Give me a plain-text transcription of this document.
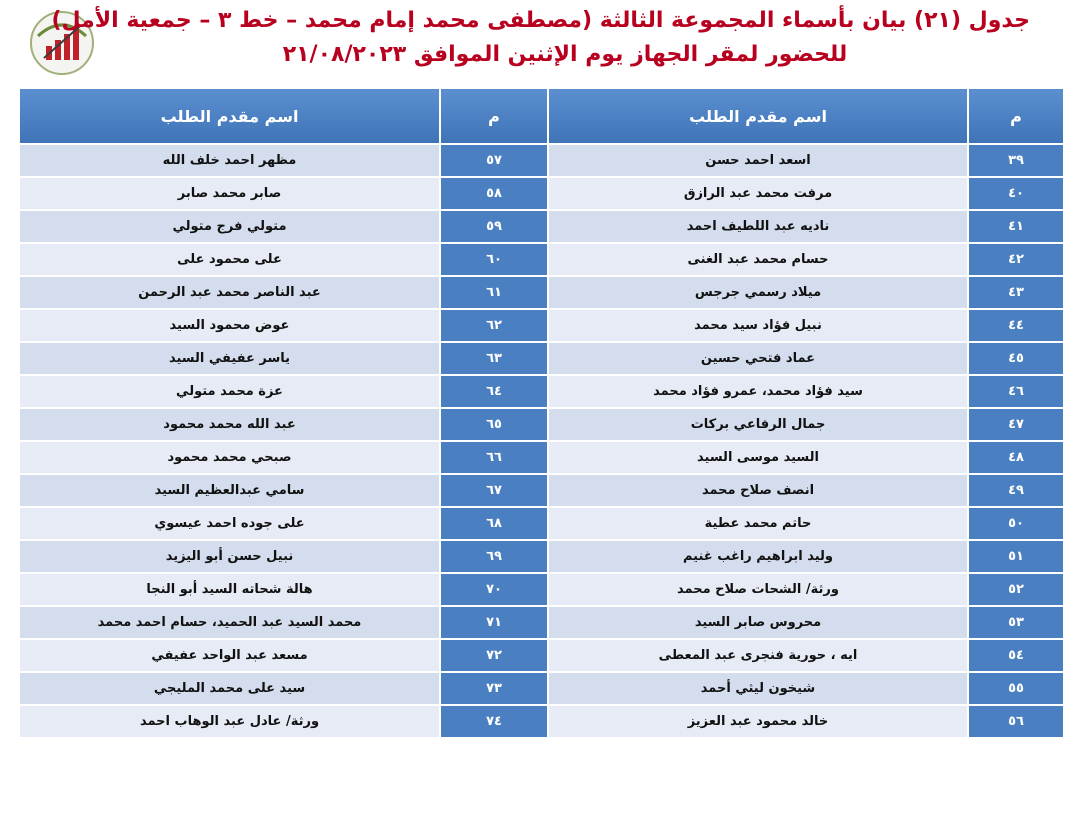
جدول (٢١) بيان بأسماء المجموعة الثالثة (مصطفى محمد إمام محمد – خط ٣ – جمعية الأمل)
للحضور لمقر الجهاز يوم الإثنين الموافق ٢١/٠٨/٢٠٢٣
م	اسم مقدم الطلب	م	اسم مقدم الطلب
٣٩	اسعد احمد حسن	٥٧	مظهر احمد خلف الله
٤٠	مرفت محمد عبد الرازق	٥٨	صابر محمد صابر
٤١	ناديه عبد اللطيف احمد	٥٩	متولي فرج متولي
٤٢	حسام محمد عبد الغنى	٦٠	على محمود على
٤٣	ميلاد رسمي جرجس	٦١	عبد الناصر محمد عبد الرحمن
٤٤	نبيل فؤاد سيد محمد	٦٢	عوض محمود السيد
٤٥	عماد فتحي حسين	٦٣	ياسر عفيفي السيد
٤٦	سيد فؤاد محمد، عمرو فؤاد محمد	٦٤	عزة محمد متولي
٤٧	جمال الرفاعي بركات	٦٥	عبد الله محمد محمود
٤٨	السيد موسى السيد	٦٦	صبحي محمد محمود
٤٩	انصف صلاح محمد	٦٧	سامي عبدالعظيم السيد
٥٠	حاتم محمد عطية	٦٨	على جوده احمد عيسوي
٥١	وليد ابراهيم راغب غنيم	٦٩	نبيل حسن أبو اليزيد
٥٢	ورثة/ الشحات صلاح محمد	٧٠	هالة شحاته السيد أبو النجا
٥٣	محروس صابر السيد	٧١	محمد السيد عبد الحميد، حسام احمد محمد
٥٤	ايه ، حورية فنجرى عبد المعطى	٧٢	مسعد عبد الواحد عفيفي
٥٥	شيخون ليثي أحمد	٧٣	سيد على محمد المليجي
٥٦	خالد محمود عبد العزيز	٧٤	ورثة/ عادل عبد الوهاب احمد
